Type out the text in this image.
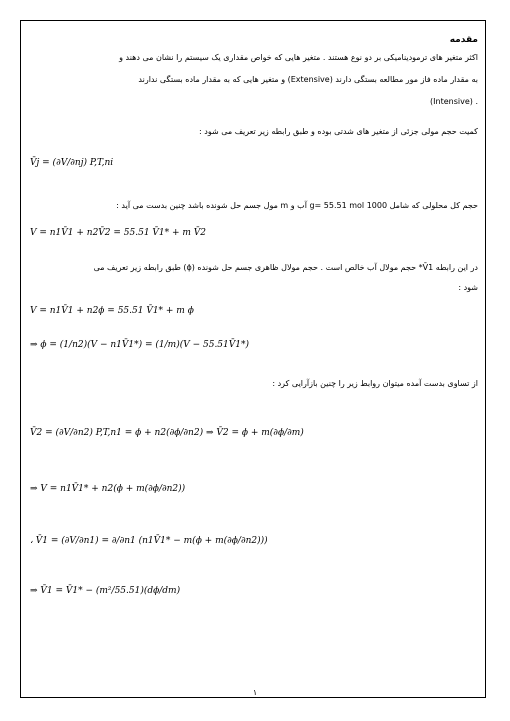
مقدمه
اکثر متغیر های ترمودینامیکی بر دو نوع هستند . متغیر هایی که خواص مقداری یک سیستم را نشان می دهند و
به مقدار ماده فاز مور مطالعه بستگی دارند (Extensive) و متغیر هایی که به مقدار ماده بستگی ندارند
. (Intensive)
کمیت حجم مولی جزئی از متغیر های شدتی بوده و طبق رابطه زیر تعریف می شود :
V̄j = (∂V/∂nj) P,T,ni
حجم کل محلولی که شامل 1000 g= 55.51 mol آب و m مول جسم حل شونده باشد چنین بدست می آید :
V = n1V̄1 + n2V̄2 = 55.51 V̄1* + m V̄2
در این رابطه V̄1* حجم مولال آب خالص است . حجم مولال ظاهری جسم حل شونده (ϕ) طبق رابطه زیر تعریف می
شود :
V = n1V̄1 + n2ϕ = 55.51 V̄1* + m ϕ
⇒ ϕ = (1/n2)(V − n1V̄1*) = (1/m)(V − 55.51V̄1*)
از تساوی بدست آمده میتوان روابط زیر را چنین بازآرایی کرد :
V̄2 = (∂V/∂n2) P,T,n1 = ϕ + n2(∂ϕ/∂n2) ⇒ V̄2 = ϕ + m(∂ϕ/∂m)
⇒ V = n1V̄1* + n2(ϕ + m(∂ϕ/∂n2))
، V̄1 = (∂V/∂n1) = ∂/∂n1 (n1V̄1* − m(ϕ + m(∂ϕ/∂n2)))
⇒ V̄1 = V̄1* − (m²/55.51)(dϕ/dm)
۱
